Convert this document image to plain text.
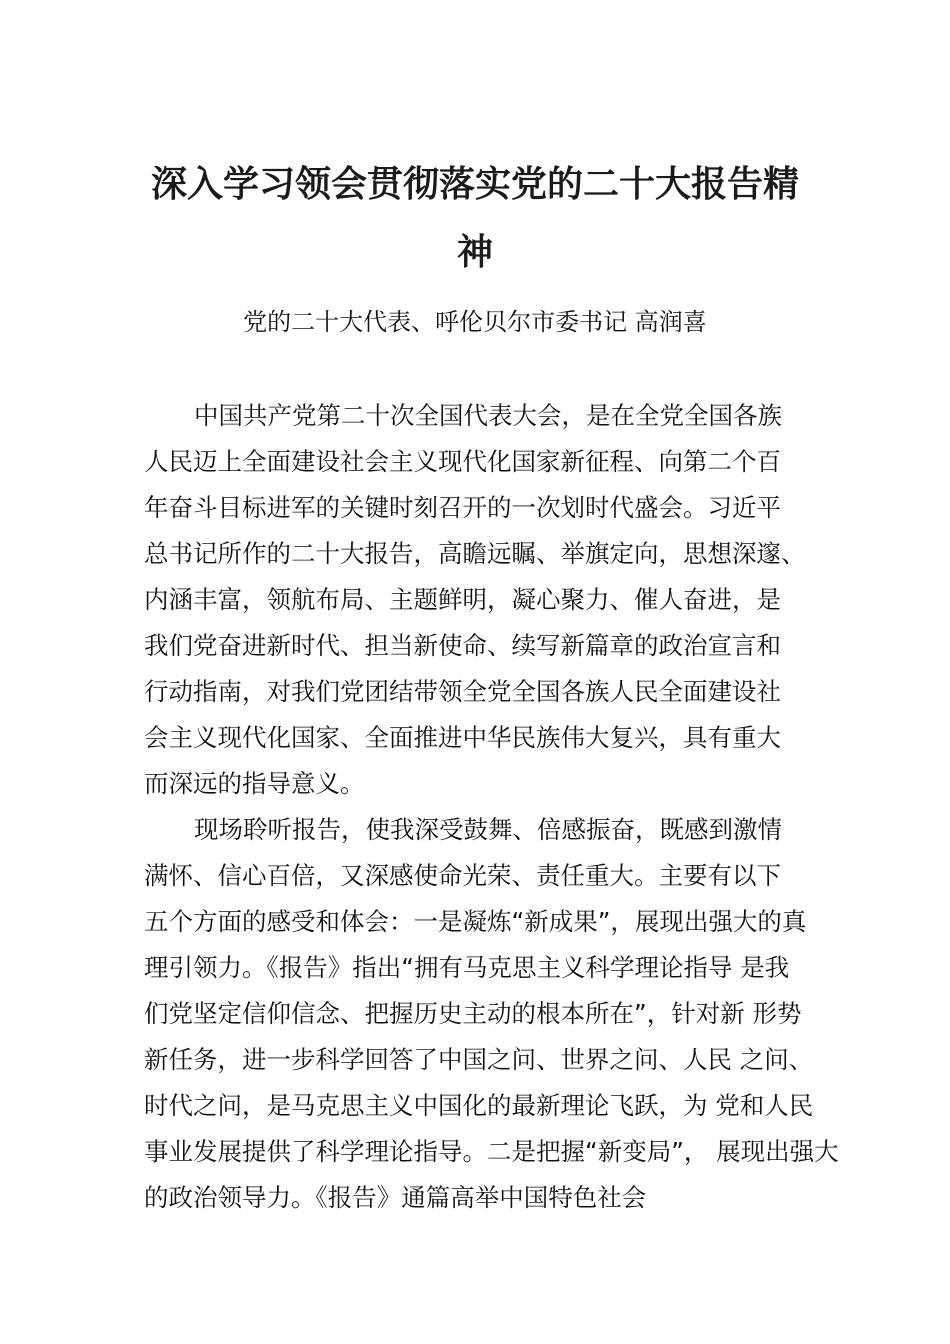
深入学习领会贯彻落实党的二十大报告精
神
党的二十大代表、呼伦贝尔市委书记 高润喜
中国共产党第二十次全国代表大会，是在全党全国各族
人民迈上全面建设社会主义现代化国家新征程、向第二个百
年奋斗目标进军的关键时刻召开的一次划时代盛会。习近平
总书记所作的二十大报告，高瞻远瞩、举旗定向，思想深邃、
内涵丰富，领航布局、主题鲜明，凝心聚力、催人奋进，是
我们党奋进新时代、担当新使命、续写新篇章的政治宣言和
行动指南，对我们党团结带领全党全国各族人民全面建设社
会主义现代化国家、全面推进中华民族伟大复兴，具有重大
而深远的指导意义。
现场聆听报告，使我深受鼓舞、倍感振奋，既感到激情
满怀、信心百倍，又深感使命光荣、责任重大。主要有以下
五个方面的感受和体会：一是凝炼“新成果”，展现出强大的真
理引领力。《报告》指出“拥有马克思主义科学理论指导 是我
们党坚定信仰信念、把握历史主动的根本所在”，针对新 形势
新任务，进一步科学回答了中国之问、世界之问、人民 之问、
时代之问，是马克思主义中国化的最新理论飞跃，为 党和人民
事业发展提供了科学理论指导。二是把握“新变局”， 展现出强大
的政治领导力。《报告》通篇高举中国特色社会
